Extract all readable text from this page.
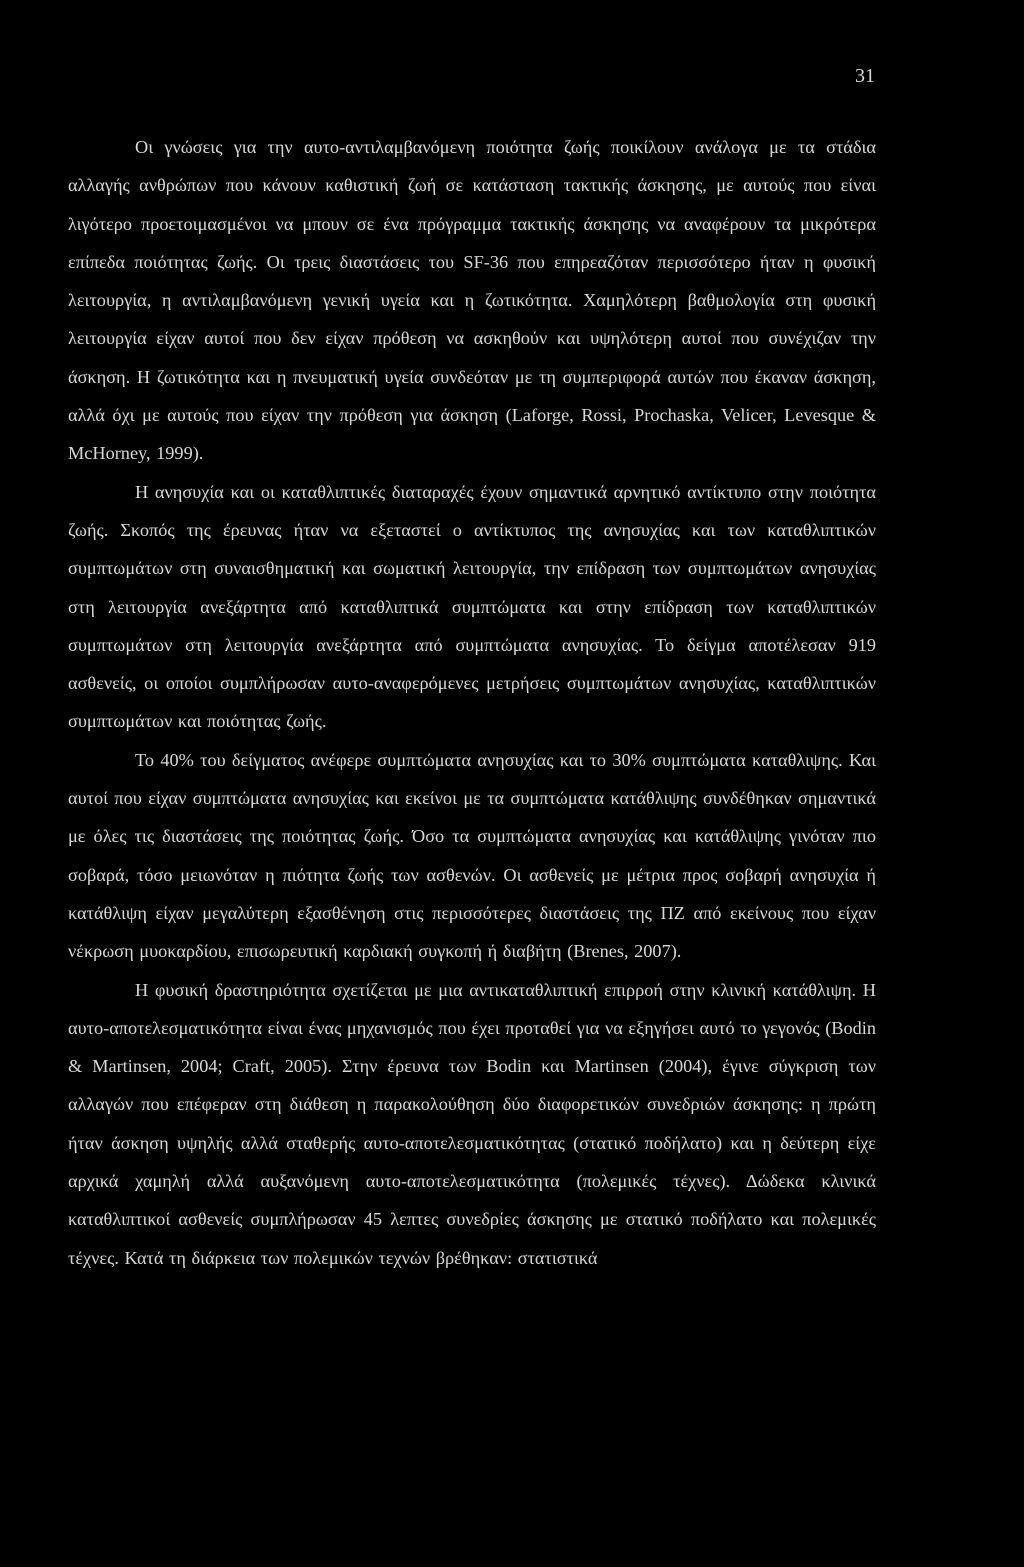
31

Οι γνώσεις για την αυτο-αντιλαμβανόμενη ποιότητα ζωής ποικίλουν ανάλογα με τα στάδια αλλαγής ανθρώπων που κάνουν καθιστική ζωή σε κατάσταση τακτικής άσκησης, με αυτούς που είναι λιγότερο προετοιμασμένοι να μπουν σε ένα πρόγραμμα τακτικής άσκησης να αναφέρουν τα μικρότερα επίπεδα ποιότητας ζωής. Οι τρεις διαστάσεις του SF-36 που επηρεαζόταν περισσότερο ήταν η φυσική λειτουργία, η αντιλαμβανόμενη γενική υγεία και η ζωτικότητα. Χαμηλότερη βαθμολογία στη φυσική λειτουργία είχαν αυτοί που δεν είχαν πρόθεση να ασκηθούν και υψηλότερη αυτοί που συνέχιζαν την άσκηση. Η ζωτικότητα και η πνευματική υγεία συνδεόταν με τη συμπεριφορά αυτών που έκαναν άσκηση, αλλά όχι με αυτούς που είχαν την πρόθεση για άσκηση (Laforge, Rossi, Prochaska, Velicer, Levesque & McHorney, 1999).

Η ανησυχία και οι καταθλιπτικές διαταραχές έχουν σημαντικά αρνητικό αντίκτυπο στην ποιότητα ζωής. Σκοπός της έρευνας ήταν να εξεταστεί ο αντίκτυπος της ανησυχίας και των καταθλιπτικών συμπτωμάτων στη συναισθηματική και σωματική λειτουργία, την επίδραση των συμπτωμάτων ανησυχίας στη λειτουργία ανεξάρτητα από καταθλιπτικά συμπτώματα και στην επίδραση των καταθλιπτικών συμπτωμάτων στη λειτουργία ανεξάρτητα από συμπτώματα ανησυχίας. Το δείγμα αποτέλεσαν 919 ασθενείς, οι οποίοι συμπλήρωσαν αυτο-αναφερόμενες μετρήσεις συμπτωμάτων ανησυχίας, καταθλιπτικών συμπτωμάτων και ποιότητας ζωής.

Το 40% του δείγματος ανέφερε συμπτώματα ανησυχίας και το 30% συμπτώματα καταθλιψης. Και αυτοί που είχαν συμπτώματα ανησυχίας και εκείνοι με τα συμπτώματα κατάθλιψης συνδέθηκαν σημαντικά με όλες τις διαστάσεις της ποιότητας ζωής. Όσο τα συμπτώματα ανησυχίας και κατάθλιψης γινόταν πιο σοβαρά, τόσο μειωνόταν η πιότητα ζωής των ασθενών. Οι ασθενείς με μέτρια προς σοβαρή ανησυχία ή κατάθλιψη είχαν μεγαλύτερη εξασθένηση στις περισσότερες διαστάσεις της ΠΖ από εκείνους που είχαν νέκρωση μυοκαρδίου, επισωρευτική καρδιακή συγκοπή ή διαβήτη (Brenes, 2007).

Η φυσική δραστηριότητα σχετίζεται με μια αντικαταθλιπτική επιρροή στην κλινική κατάθλιψη. Η αυτο-αποτελεσματικότητα είναι ένας μηχανισμός που έχει προταθεί για να εξηγήσει αυτό το γεγονός (Bodin & Martinsen, 2004; Craft, 2005). Στην έρευνα των Bodin και Martinsen (2004), έγινε σύγκριση των αλλαγών που επέφεραν στη διάθεση η παρακολούθηση δύο διαφορετικών συνεδριών άσκησης: η πρώτη ήταν άσκηση υψηλής αλλά σταθερής αυτο-αποτελεσματικότητας (στατικό ποδήλατο) και η δεύτερη είχε αρχικά χαμηλή αλλά αυξανόμενη αυτο-αποτελεσματικότητα (πολεμικές τέχνες). Δώδεκα κλινικά καταθλιπτικοί ασθενείς συμπλήρωσαν 45 λεπτες συνεδρίες άσκησης με στατικό ποδήλατο και πολεμικές τέχνες. Κατά τη διάρκεια των πολεμικών τεχνών βρέθηκαν: στατιστικά
